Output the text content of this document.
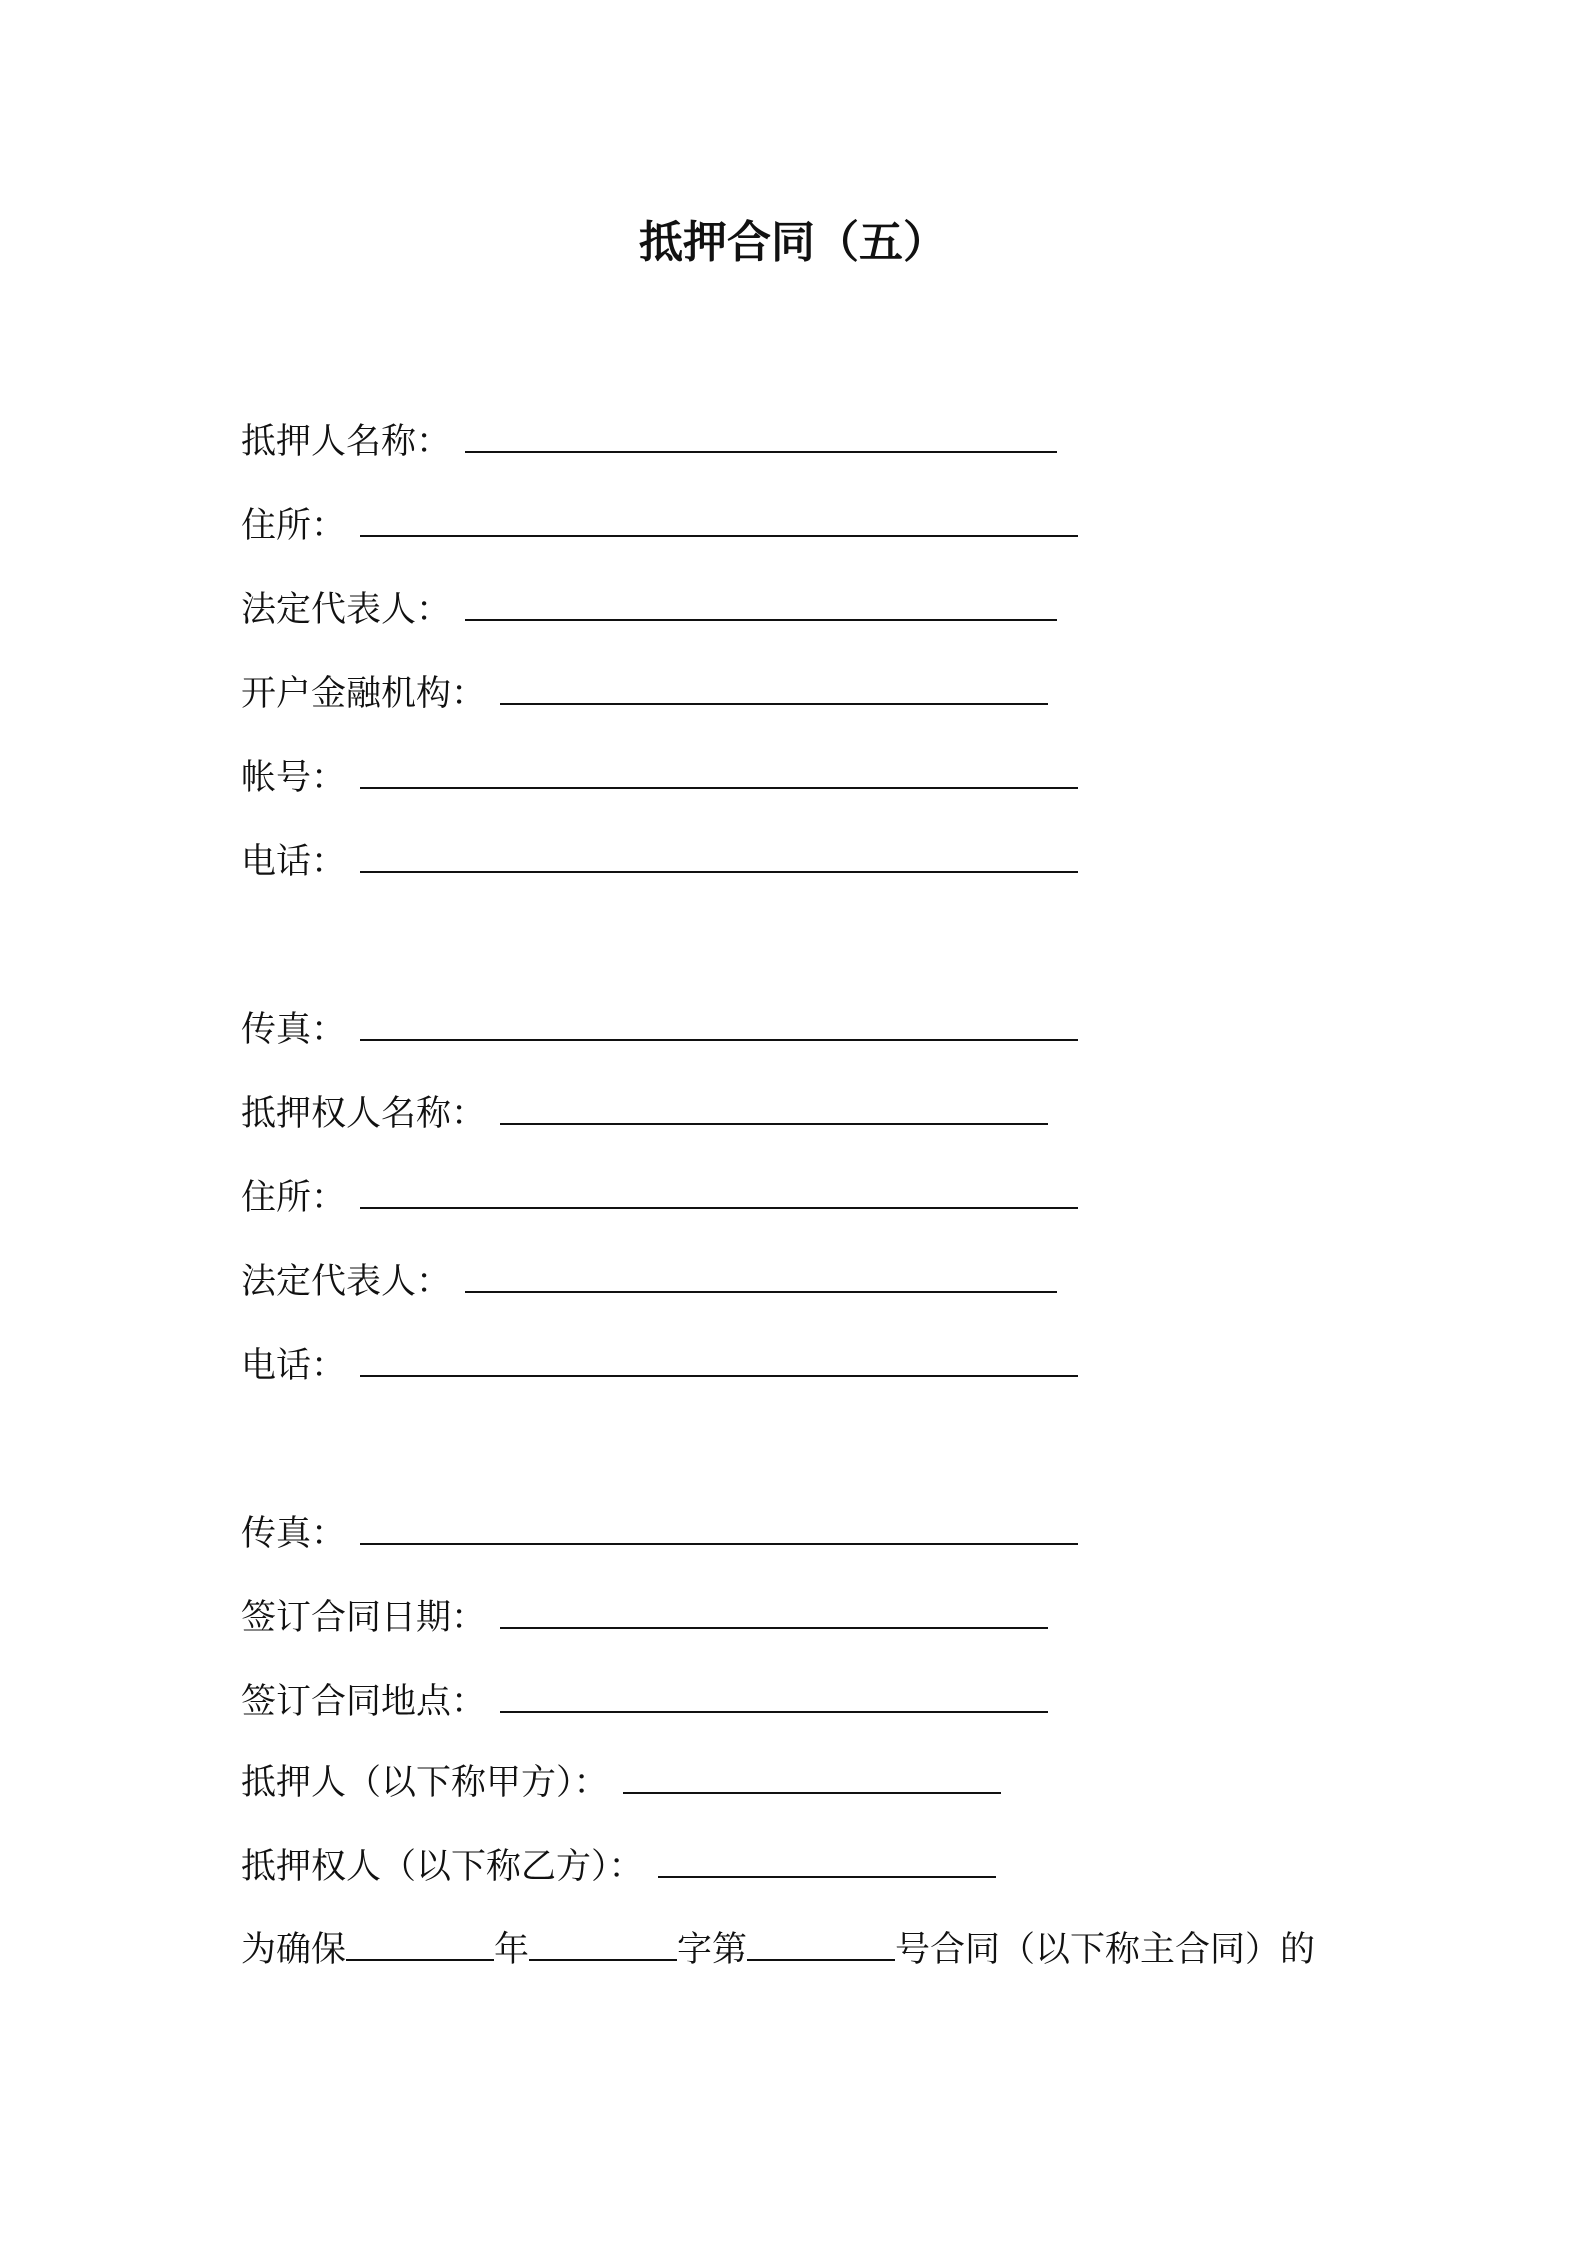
抵押合同（五）
抵押人名称：
住所：
法定代表人：
开户金融机构：
帐号：
电话：
传真：
抵押权人名称：
住所：
法定代表人：
电话：
传真：
签订合同日期：
签订合同地点：
抵押人（以下称甲方）：
抵押权人（以下称乙方）：
为确保	年	字第	号合同（以下称主合同）的
